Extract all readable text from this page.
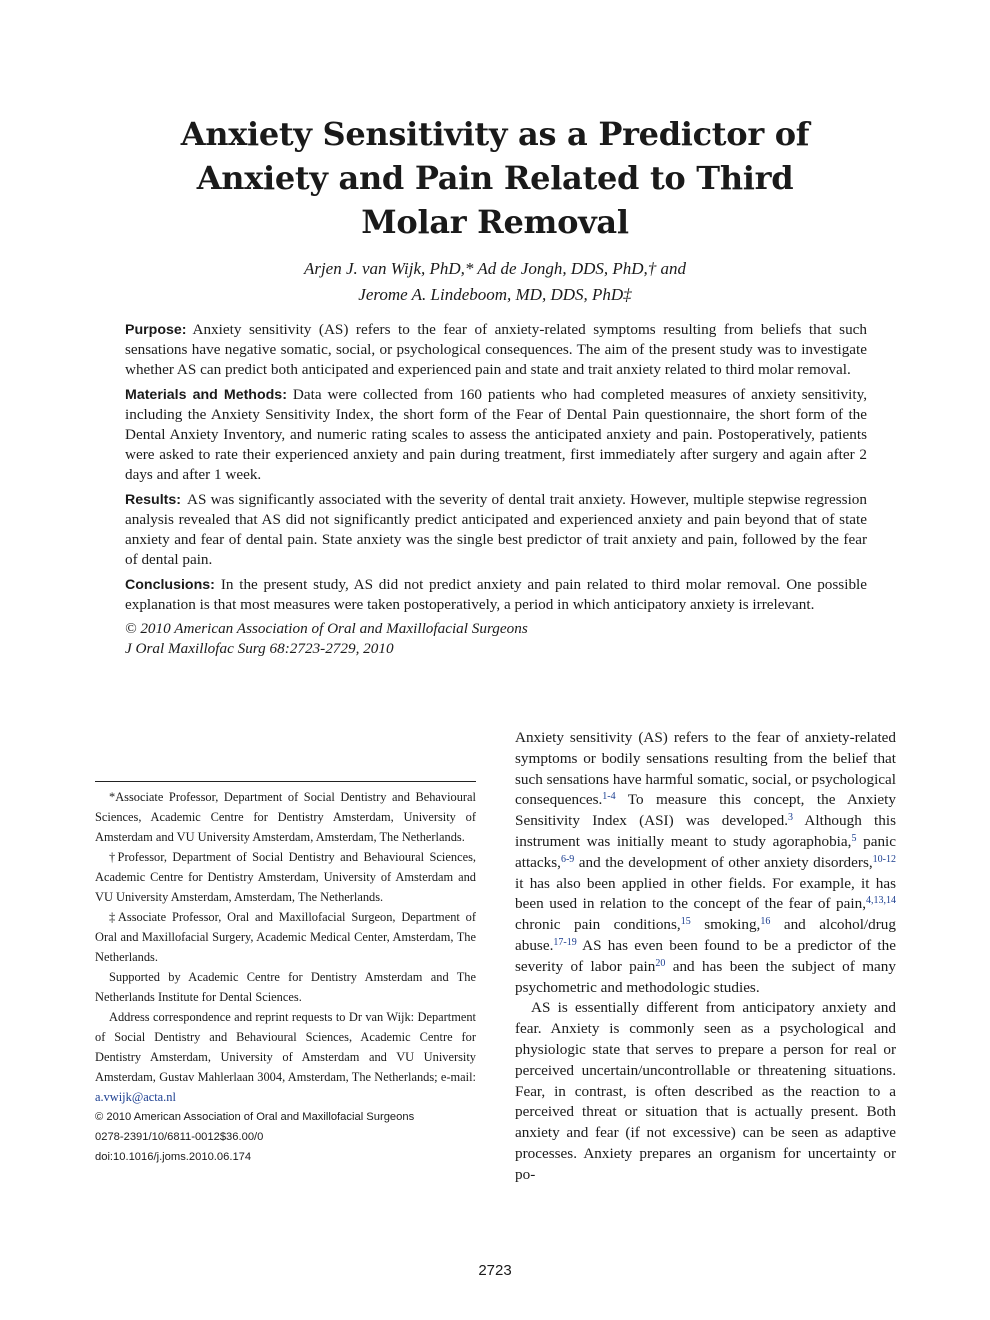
Anxiety Sensitivity as a Predictor of
Anxiety and Pain Related to Third
Molar Removal
Arjen J. van Wijk, PhD,* Ad de Jongh, DDS, PhD,† and
Jerome A. Lindeboom, MD, DDS, PhD‡

Purpose: Anxiety sensitivity (AS) refers to the fear of anxiety-related symptoms resulting from beliefs that such sensations have negative somatic, social, or psychological consequences. The aim of the present study was to investigate whether AS can predict both anticipated and experienced pain and state and trait anxiety related to third molar removal.

Materials and Methods: Data were collected from 160 patients who had completed measures of anxiety sensitivity, including the Anxiety Sensitivity Index, the short form of the Fear of Dental Pain questionnaire, the short form of the Dental Anxiety Inventory, and numeric rating scales to assess the anticipated anxiety and pain. Postoperatively, patients were asked to rate their experienced anxiety and pain during treatment, first immediately after surgery and again after 2 days and after 1 week.

Results: AS was significantly associated with the severity of dental trait anxiety. However, multiple stepwise regression analysis revealed that AS did not significantly predict anticipated and experienced anxiety and pain beyond that of state anxiety and fear of dental pain. State anxiety was the single best predictor of trait anxiety and pain, followed by the fear of dental pain.

Conclusions: In the present study, AS did not predict anxiety and pain related to third molar removal. One possible explanation is that most measures were taken postoperatively, a period in which anticipatory anxiety is irrelevant.

© 2010 American Association of Oral and Maxillofacial Surgeons

J Oral Maxillofac Surg 68:2723-2729, 2010

*Associate Professor, Department of Social Dentistry and Behavioural Sciences, Academic Centre for Dentistry Amsterdam, University of Amsterdam and VU University Amsterdam, Amsterdam, The Netherlands.

†Professor, Department of Social Dentistry and Behavioural Sciences, Academic Centre for Dentistry Amsterdam, University of Amsterdam and VU University Amsterdam, Amsterdam, The Netherlands.

‡Associate Professor, Oral and Maxillofacial Surgeon, Department of Oral and Maxillofacial Surgery, Academic Medical Center, Amsterdam, The Netherlands.

Supported by Academic Centre for Dentistry Amsterdam and The Netherlands Institute for Dental Sciences.

Address correspondence and reprint requests to Dr van Wijk: Department of Social Dentistry and Behavioural Sciences, Academic Centre for Dentistry Amsterdam, University of Amsterdam and VU University Amsterdam, Gustav Mahlerlaan 3004, Amsterdam, The Netherlands; e-mail: a.vwijk@acta.nl

© 2010 American Association of Oral and Maxillofacial Surgeons

0278-2391/10/6811-0012$36.00/0

doi:10.1016/j.joms.2010.06.174

Anxiety sensitivity (AS) refers to the fear of anxiety-related symptoms or bodily sensations resulting from the belief that such sensations have harmful somatic, social, or psychological consequences.$^{1-4}$ To measure this concept, the Anxiety Sensitivity Index (ASI) was developed.$^3$ Although this instrument was initially meant to study agoraphobia,$^5$ panic attacks,$^{6-9}$ and the development of other anxiety disorders,$^{10-12}$ it has also been applied in other fields. For example, it has been used in relation to the concept of the fear of pain,$^{4,13,14}$ chronic pain conditions,$^{15}$ smoking,$^{16}$ and alcohol/drug abuse.$^{17-19}$ AS has even been found to be a predictor of the severity of labor pain$^{20}$ and has been the subject of many psychometric and methodologic studies.

AS is essentially different from anticipatory anxiety and fear. Anxiety is commonly seen as a psychological and physiologic state that serves to prepare a person for real or perceived uncertain/uncontrollable or threatening situations. Fear, in contrast, is often described as the reaction to a perceived threat or situation that is actually present. Both anxiety and fear (if not excessive) can be seen as adaptive processes. Anxiety prepares an organism for uncertainty or po-

2723
